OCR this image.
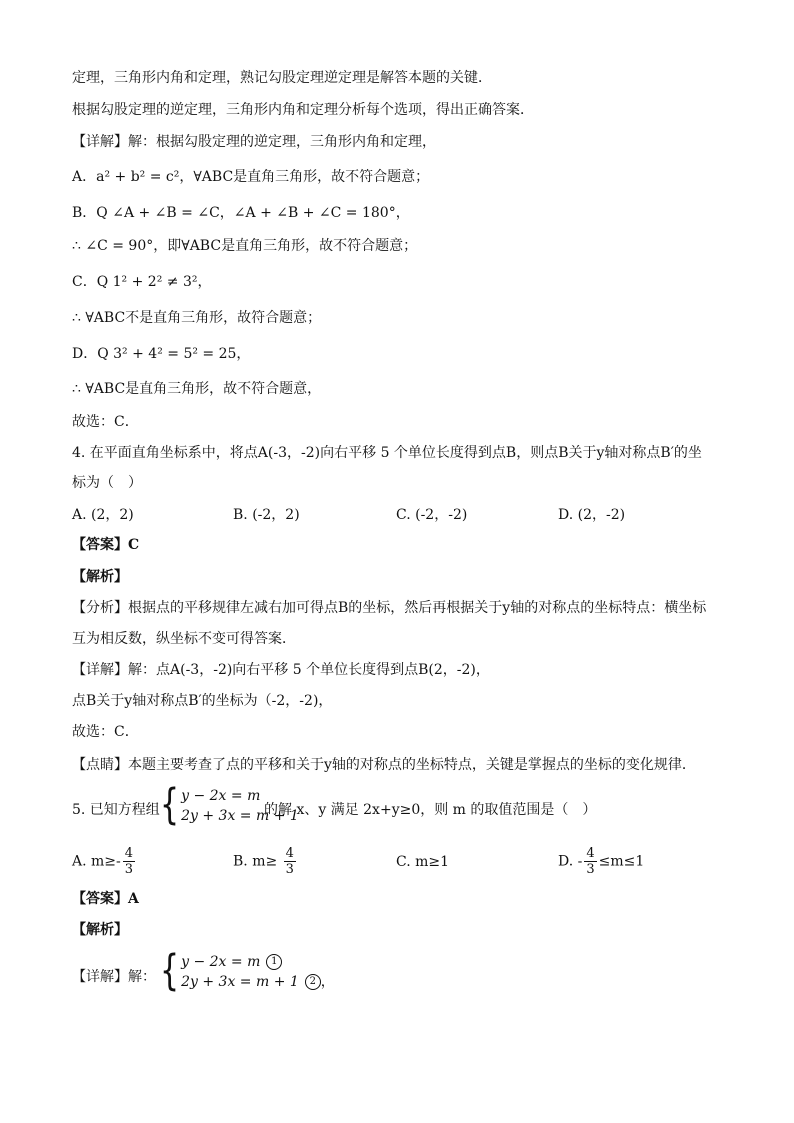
定理，三角形内角和定理，熟记勾股定理逆定理是解答本题的关键．
根据勾股定理的逆定理，三角形内角和定理分析每个选项，得出正确答案．
【详解】解：根据勾股定理的逆定理，三角形内角和定理，
A．a² + b² = c²，∀ABC是直角三角形，故不符合题意；
B．Q ∠A + ∠B = ∠C，∠A + ∠B + ∠C = 180°，
∴ ∠C = 90°，即∀ABC是直角三角形，故不符合题意；
C．Q 1² + 2² ≠ 3²，
∴ ∀ABC不是直角三角形，故符合题意；
D．Q 3² + 4² = 5² = 25，
∴ ∀ABC是直角三角形，故不符合题意，
故选：C．
4. 在平面直角坐标系中，将点A(-3，-2)向右平移 5 个单位长度得到点B，则点B关于y轴对称点B′的坐
标为（　）
A. (2，2)	B. (-2，2)	C. (-2，-2)	D. (2，-2)
【答案】C
【解析】
【分析】根据点的平移规律左减右加可得点B的坐标，然后再根据关于y轴的对称点的坐标特点：横坐标
互为相反数，纵坐标不变可得答案．
【详解】解：点A(-3，-2)向右平移 5 个单位长度得到点B(2，-2)，
点B关于y轴对称点B′的坐标为（-2，-2)，
故选：C．
【点睛】本题主要考查了点的平移和关于y轴的对称点的坐标特点，关键是掌握点的坐标的变化规律．
5. 已知方程组 { y − 2x = m
2y + 3x = m + 1
的解 x、y 满足 2x+y≥0，则 m 的取值范围是（　）
A. $m\ge- \frac{4}{3}$	B. $m\ge \frac{4}{3}$	C. m≥1	D. - $\frac{4}{3} \le m\le 1$
【答案】A
【解析】
【详解】解： { y − 2x = m 1
2y + 3x = m + 1 2 ，
